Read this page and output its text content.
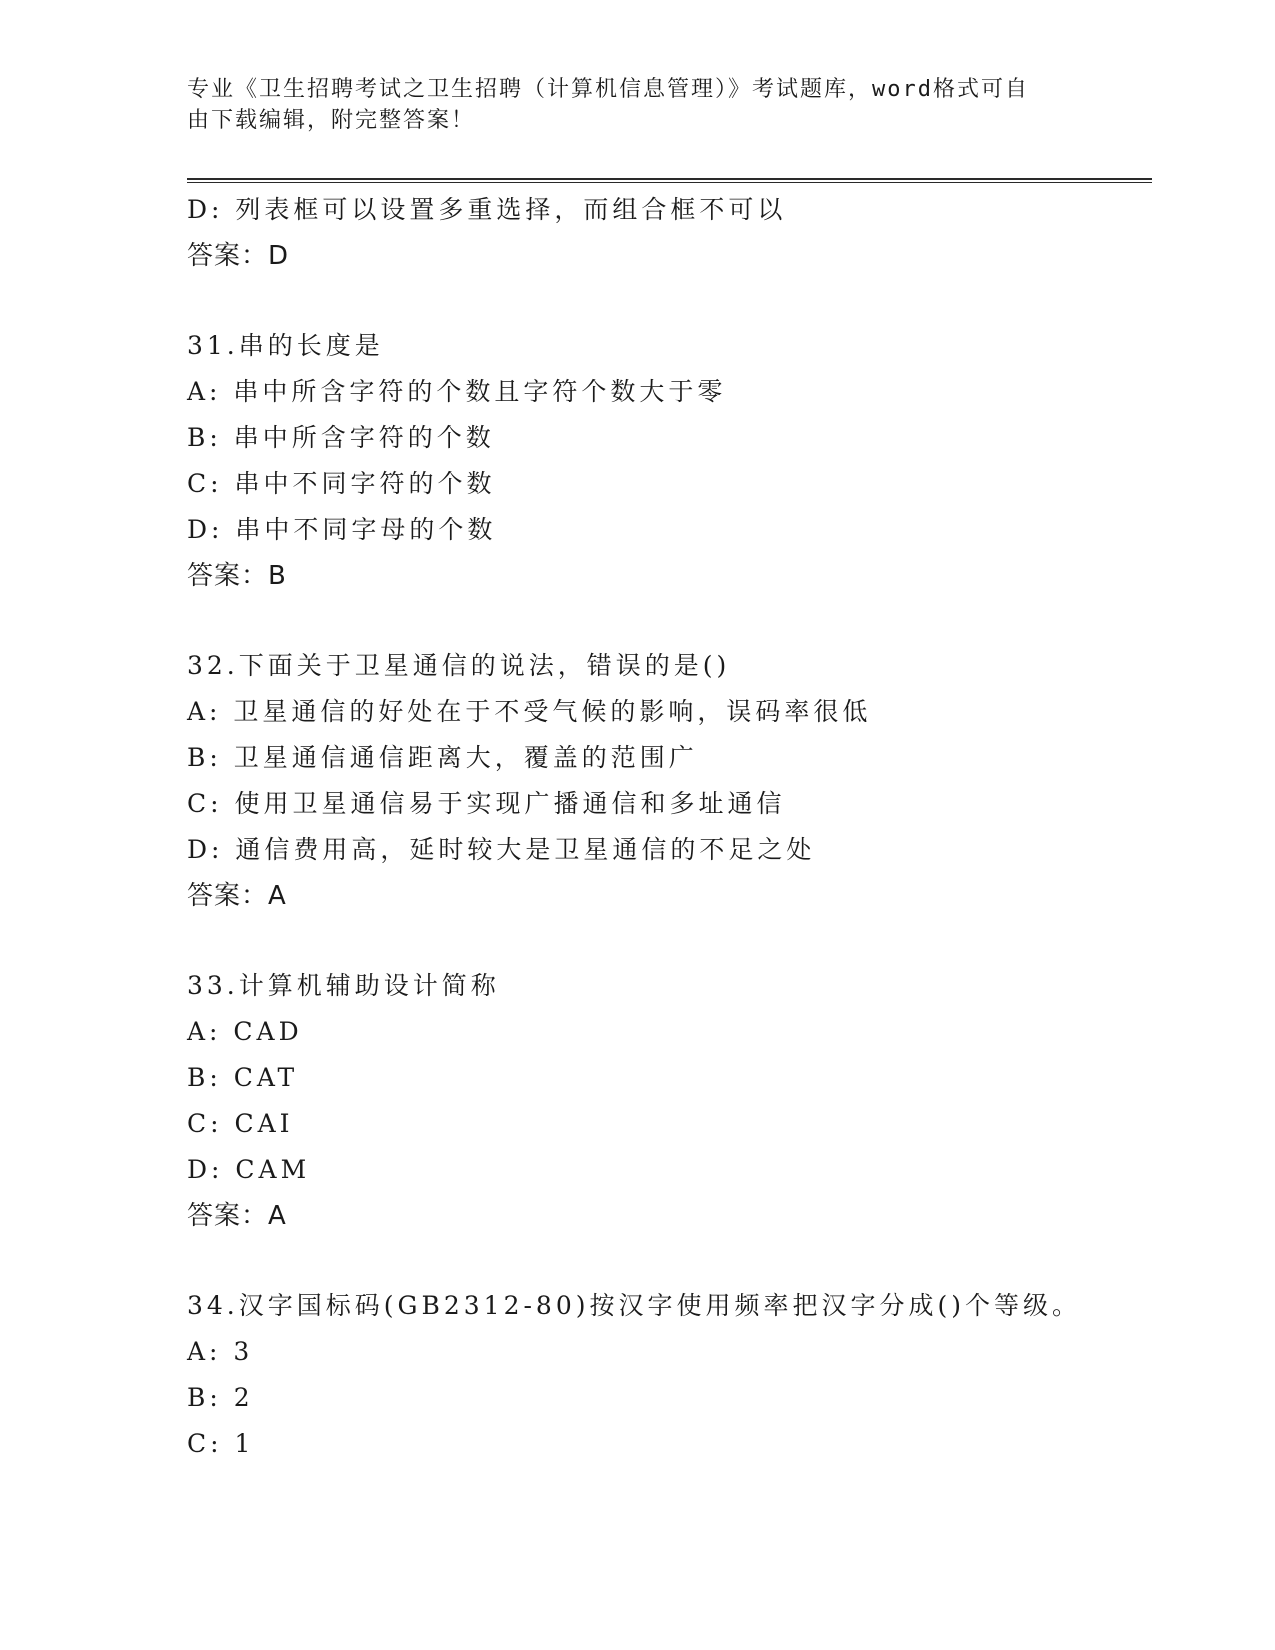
专业《卫生招聘考试之卫生招聘（计算机信息管理）》考试题库，word格式可自
由下载编辑，附完整答案！
D: 列表框可以设置多重选择，而组合框不可以
答案：D
31.串的长度是
A: 串中所含字符的个数且字符个数大于零
B: 串中所含字符的个数
C: 串中不同字符的个数
D: 串中不同字母的个数
答案：B
32.下面关于卫星通信的说法，错误的是()
A: 卫星通信的好处在于不受气候的影响，误码率很低
B: 卫星通信通信距离大，覆盖的范围广
C: 使用卫星通信易于实现广播通信和多址通信
D: 通信费用高，延时较大是卫星通信的不足之处
答案：A
33.计算机辅助设计简称
A: CAD
B: CAT
C: CAI
D: CAM
答案：A
34.汉字国标码(GB2312-80)按汉字使用频率把汉字分成()个等级。
A: 3
B: 2
C: 1
